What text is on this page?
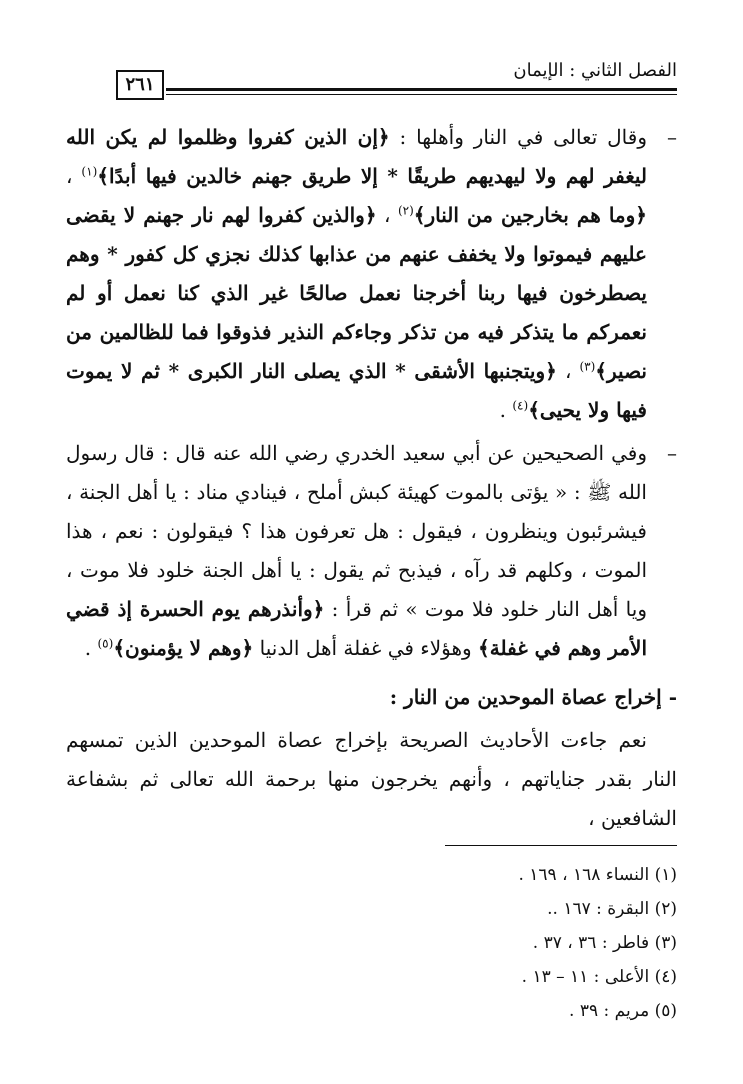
الفصل الثاني : الإيمان
٢٦١

–
وقال تعالى في النار وأهلها : ﴿إن الذين كفروا وظلموا لم يكن الله ليغفر لهم ولا ليهديهم طريقًا * إلا طريق جهنم خالدين فيها أبدًا﴾$^{(١)}$ ، ﴿وما هم بخارجين من النار﴾$^{(٢)}$ ، ﴿والذين كفروا لهم نار جهنم لا يقضى عليهم فيموتوا ولا يخفف عنهم من عذابها كذلك نجزي كل كفور * وهم يصطرخون فيها ربنا أخرجنا نعمل صالحًا غير الذي كنا نعمل أو لم نعمركم ما يتذكر فيه من تذكر وجاءكم النذير فذوقوا فما للظالمين من نصير﴾$^{(٣)}$ ، ﴿ويتجنبها الأشقى * الذي يصلى النار الكبرى * ثم لا يموت فيها ولا يحيى﴾$^{(٤)}$ .

–
وفي الصحيحين عن أبي سعيد الخدري رضي الله عنه قال : قال رسول الله ﷺ : « يؤتى بالموت كهيئة كبش أملح ، فينادي مناد : يا أهل الجنة ، فيشرئبون وينظرون ، فيقول : هل تعرفون هذا ؟ فيقولون : نعم ، هذا الموت ، وكلهم قد رآه ، فيذبح ثم يقول : يا أهل الجنة خلود فلا موت ، ويا أهل النار خلود فلا موت » ثم قرأ : ﴿وأنذرهم يوم الحسرة إذ قضي الأمر وهم في غفلة﴾ وهؤلاء في غفلة أهل الدنيا ﴿وهم لا يؤمنون﴾$^{(٥)}$ .

- إخراج عصاة الموحدين من النار :

نعم جاءت الأحاديث الصريحة بإخراج عصاة الموحدين الذين تمسهم النار بقدر جناياتهم ، وأنهم يخرجون منها برحمة الله تعالى ثم بشفاعة الشافعين ،

(١) النساء ١٦٨ ، ١٦٩ .
(٢) البقرة : ١٦٧ ..
(٣) فاطر : ٣٦ ، ٣٧ .
(٤) الأعلى : ١١ – ١٣ .
(٥) مريم : ٣٩ .
